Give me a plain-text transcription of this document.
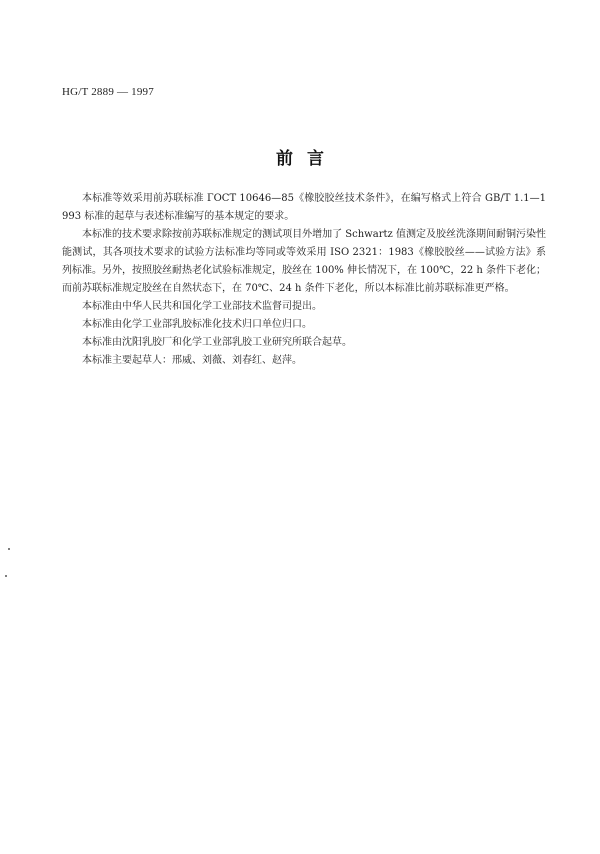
HG/T 2889 — 1997
前言

本标准等效采用前苏联标准 ГОСТ 10646—85《橡胶胶丝技术条件》，在编写格式上符合 GB/T 1.1—1993 标准的起草与表述标准编写的基本规定的要求。

本标准的技术要求除按前苏联标准规定的测试项目外增加了 Schwartz 值测定及胶丝洗涤期间耐铜污染性能测试，其各项技术要求的试验方法标准均等同或等效采用 ISO 2321：1983《橡胶胶丝——试验方法》系列标准。另外，按照胶丝耐热老化试验标准规定，胶丝在 100% 伸长情况下，在 100℃，22 h 条件下老化；而前苏联标准规定胶丝在自然状态下，在 70℃、24 h 条件下老化，所以本标准比前苏联标准更严格。

本标准由中华人民共和国化学工业部技术监督司提出。

本标准由化学工业部乳胶标准化技术归口单位归口。

本标准由沈阳乳胶厂和化学工业部乳胶工业研究所联合起草。

本标准主要起草人：邢威、刘薇、刘春红、赵萍。
